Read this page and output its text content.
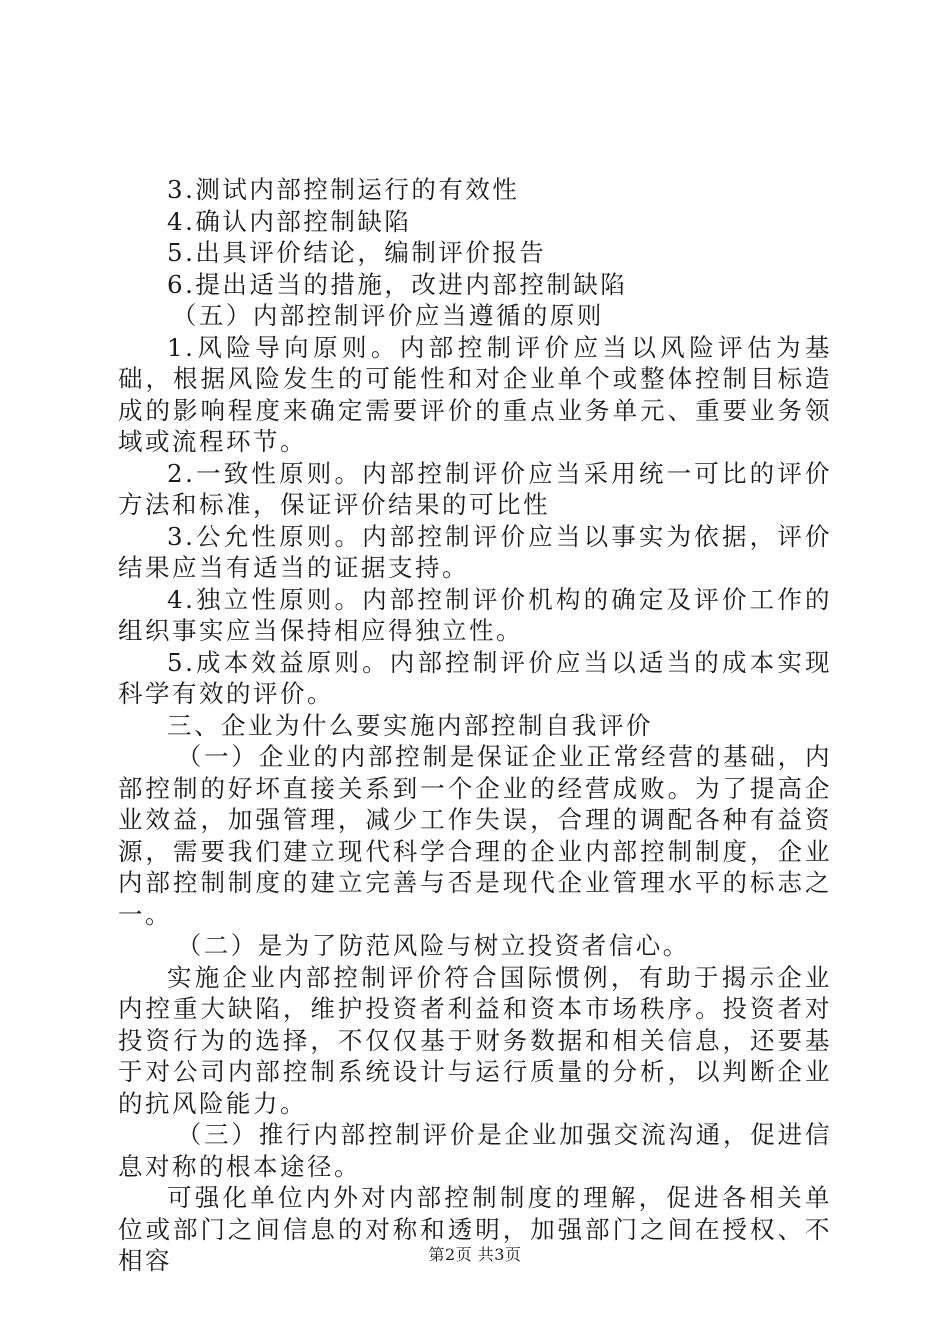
3.测试内部控制运行的有效性

4.确认内部控制缺陷

5.出具评价结论，编制评价报告

6.提出适当的措施，改进内部控制缺陷

（五）内部控制评价应当遵循的原则

1.风险导向原则。内部控制评价应当以风险评估为基础，根据风险发生的可能性和对企业单个或整体控制目标造成的影响程度来确定需要评价的重点业务单元、重要业务领域或流程环节。

2.一致性原则。内部控制评价应当采用统一可比的评价方法和标准，保证评价结果的可比性

3.公允性原则。内部控制评价应当以事实为依据，评价结果应当有适当的证据支持。

4.独立性原则。内部控制评价机构的确定及评价工作的组织事实应当保持相应得独立性。

5.成本效益原则。内部控制评价应当以适当的成本实现科学有效的评价。

三、企业为什么要实施内部控制自我评价

（一）企业的内部控制是保证企业正常经营的基础，内部控制的好坏直接关系到一个企业的经营成败。为了提高企业效益，加强管理，减少工作失误，合理的调配各种有益资源，需要我们建立现代科学合理的企业内部控制制度，企业内部控制制度的建立完善与否是现代企业管理水平的标志之一。

（二）是为了防范风险与树立投资者信心。

实施企业内部控制评价符合国际惯例，有助于揭示企业内控重大缺陷，维护投资者利益和资本市场秩序。投资者对投资行为的选择，不仅仅基于财务数据和相关信息，还要基于对公司内部控制系统设计与运行质量的分析，以判断企业的抗风险能力。

（三）推行内部控制评价是企业加强交流沟通，促进信息对称的根本途径。

可强化单位内外对内部控制制度的理解，促进各相关单位或部门之间信息的对称和透明，加强部门之间在授权、不相容	第2页 共3页
